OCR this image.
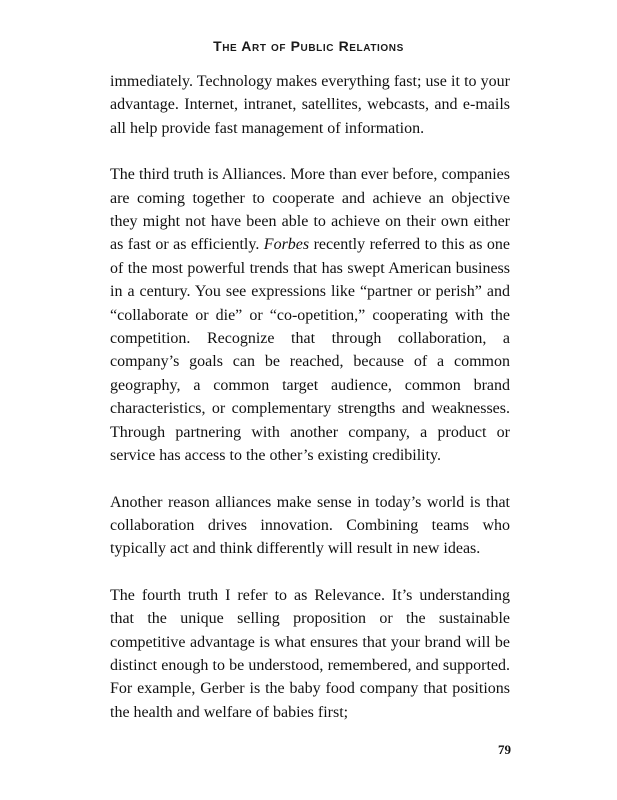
The Art of Public Relations

immediately. Technology makes everything fast; use it to your advantage. Internet, intranet, satellites, webcasts, and e-mails all help provide fast management of information.

The third truth is Alliances. More than ever before, companies are coming together to cooperate and achieve an objective they might not have been able to achieve on their own either as fast or as efficiently. Forbes recently referred to this as one of the most powerful trends that has swept American business in a century. You see expressions like “partner or perish” and “collaborate or die” or “co-opetition,” cooperating with the competition. Recognize that through collaboration, a company’s goals can be reached, because of a common geography, a common target audience, common brand characteristics, or complementary strengths and weaknesses. Through partnering with another company, a product or service has access to the other’s existing credibility.

Another reason alliances make sense in today’s world is that collaboration drives innovation. Combining teams who typically act and think differently will result in new ideas.

The fourth truth I refer to as Relevance. It’s understanding that the unique selling proposition or the sustainable competitive advantage is what ensures that your brand will be distinct enough to be understood, remembered, and supported. For example, Gerber is the baby food company that positions the health and welfare of babies first;

79
